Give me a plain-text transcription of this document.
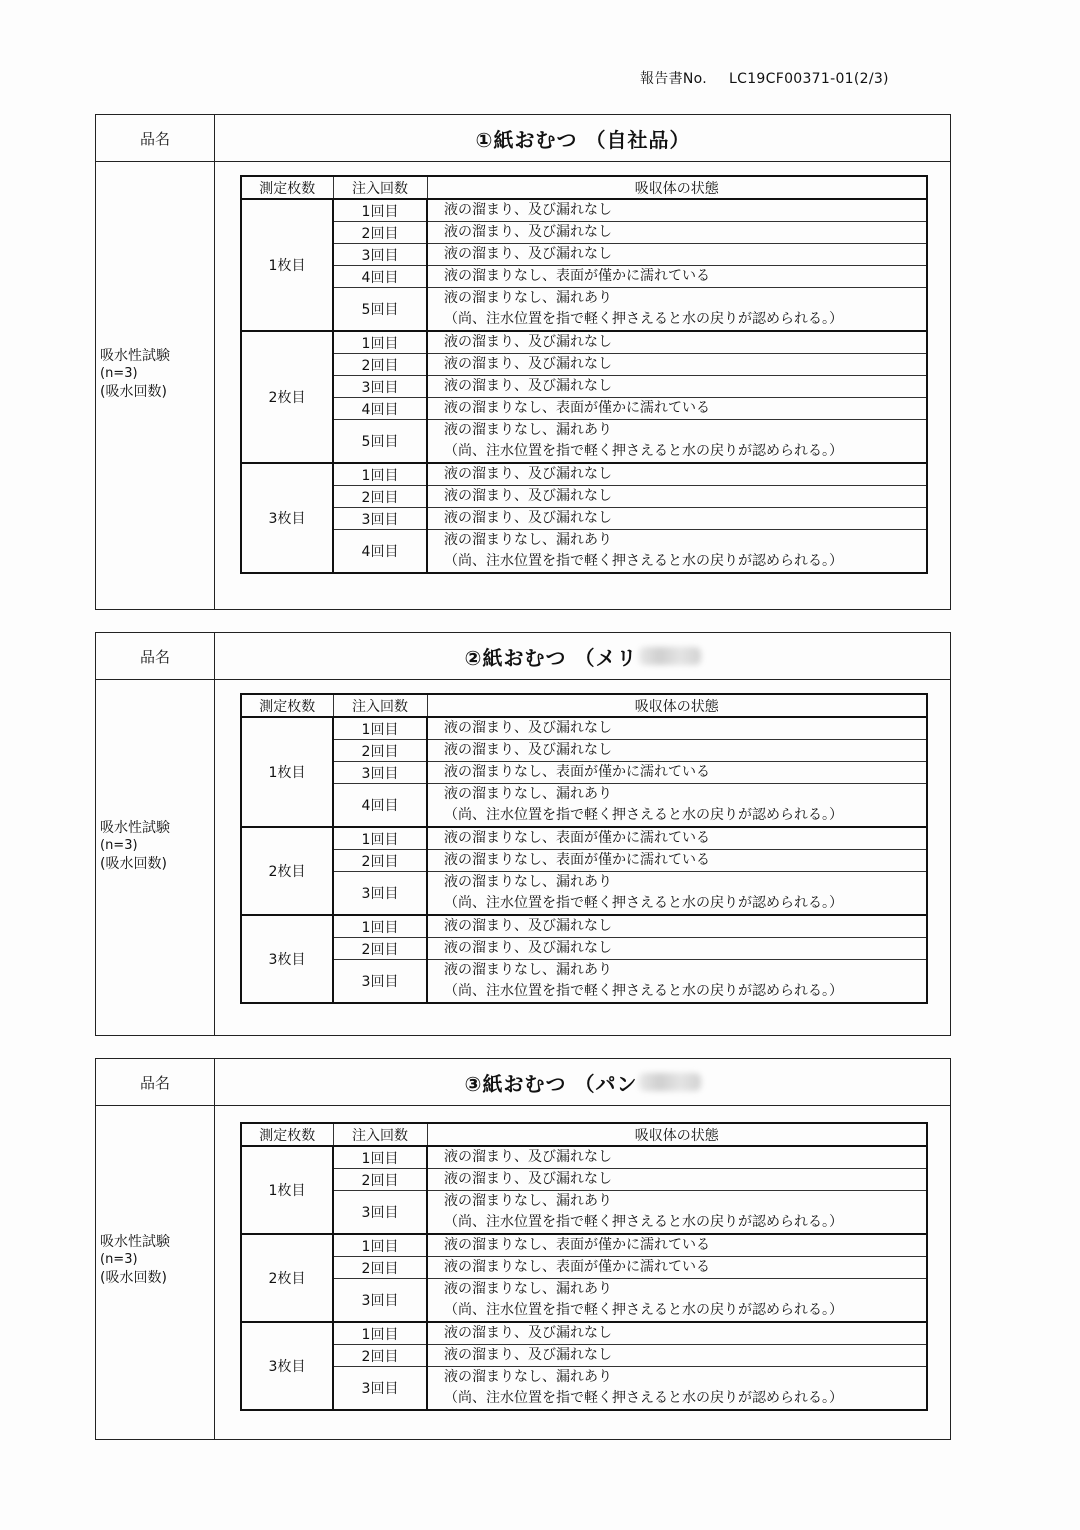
報告書No. LC19CF00371-01(2/3)
品名	①紙おむつ （自社品）
吸水性試験
(n=3)
(吸水回数)
測定枚数	注入回数	吸収体の状態
1枚目	1回目	液の溜まり、及び漏れなし

	2回目	液の溜まり、及び漏れなし

	3回目	液の溜まり、及び漏れなし

	4回目	液の溜まりなし、表面が僅かに濡れている

	5回目	液の溜まりなし、漏れあり
（尚、注水位置を指で軽く押さえると水の戻りが認められる。）

2枚目	1回目	液の溜まり、及び漏れなし

	2回目	液の溜まり、及び漏れなし

	3回目	液の溜まり、及び漏れなし

	4回目	液の溜まりなし、表面が僅かに濡れている

	5回目	液の溜まりなし、漏れあり
（尚、注水位置を指で軽く押さえると水の戻りが認められる。）

3枚目	1回目	液の溜まり、及び漏れなし

	2回目	液の溜まり、及び漏れなし

	3回目	液の溜まり、及び漏れなし

	4回目	液の溜まりなし、漏れあり
（尚、注水位置を指で軽く押さえると水の戻りが認められる。）
品名	②紙おむつ （メリ
吸水性試験
(n=3)
(吸水回数)
測定枚数	注入回数	吸収体の状態
1枚目	1回目	液の溜まり、及び漏れなし

	2回目	液の溜まり、及び漏れなし

	3回目	液の溜まりなし、表面が僅かに濡れている

	4回目	液の溜まりなし、漏れあり
（尚、注水位置を指で軽く押さえると水の戻りが認められる。）

2枚目	1回目	液の溜まりなし、表面が僅かに濡れている

	2回目	液の溜まりなし、表面が僅かに濡れている

	3回目	液の溜まりなし、漏れあり
（尚、注水位置を指で軽く押さえると水の戻りが認められる。）

3枚目	1回目	液の溜まり、及び漏れなし

	2回目	液の溜まり、及び漏れなし

	3回目	液の溜まりなし、漏れあり
（尚、注水位置を指で軽く押さえると水の戻りが認められる。）
品名	③紙おむつ （パン
吸水性試験
(n=3)
(吸水回数)
測定枚数	注入回数	吸収体の状態
1枚目	1回目	液の溜まり、及び漏れなし

	2回目	液の溜まり、及び漏れなし

	3回目	液の溜まりなし、漏れあり
（尚、注水位置を指で軽く押さえると水の戻りが認められる。）

2枚目	1回目	液の溜まりなし、表面が僅かに濡れている

	2回目	液の溜まりなし、表面が僅かに濡れている

	3回目	液の溜まりなし、漏れあり
（尚、注水位置を指で軽く押さえると水の戻りが認められる。）

3枚目	1回目	液の溜まり、及び漏れなし

	2回目	液の溜まり、及び漏れなし

	3回目	液の溜まりなし、漏れあり
（尚、注水位置を指で軽く押さえると水の戻りが認められる。）
